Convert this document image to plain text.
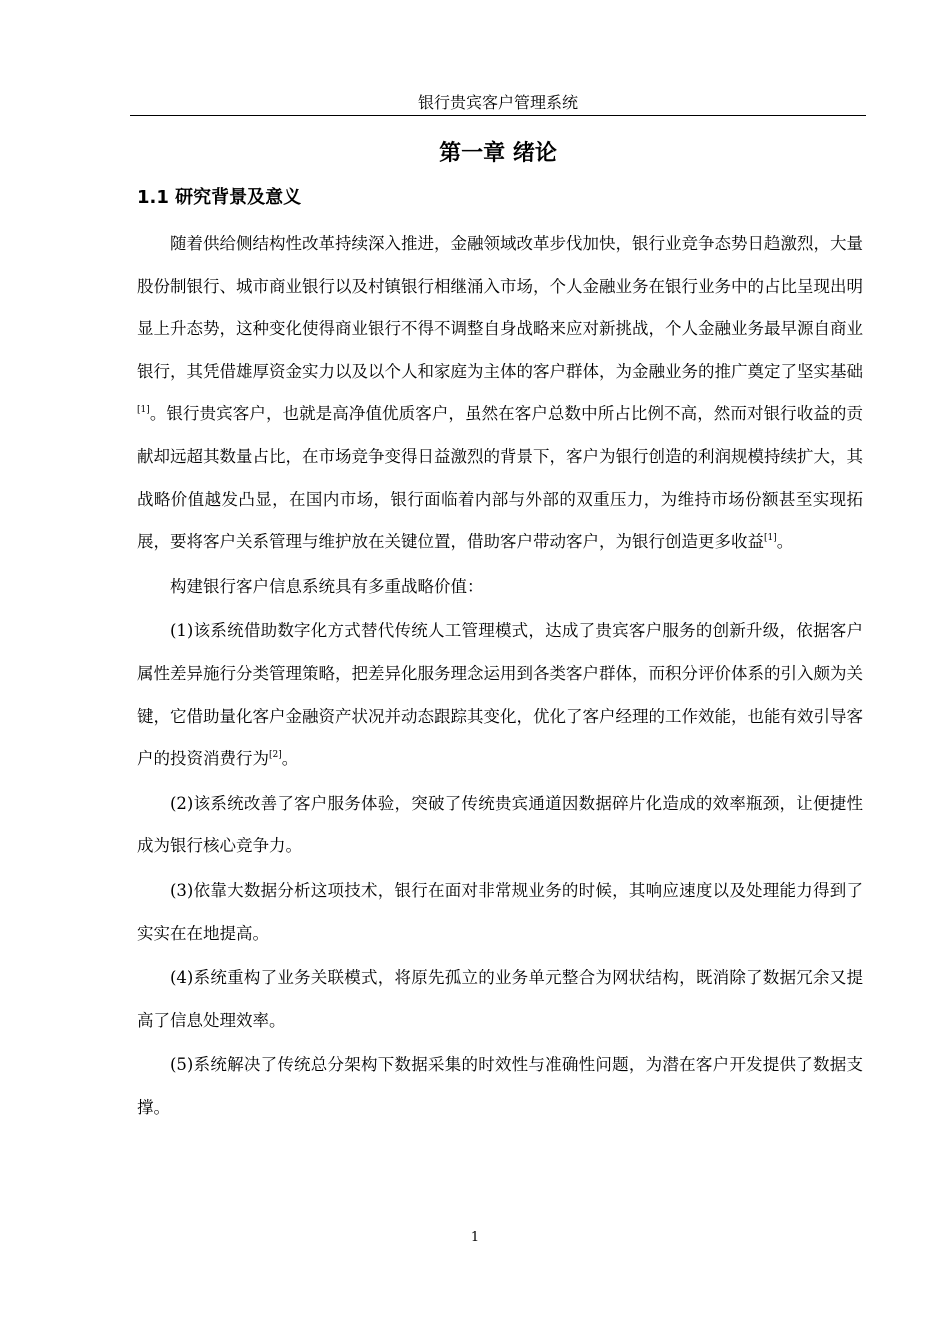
银行贵宾客户管理系统
第一章 绪论
1.1 研究背景及意义

随着供给侧结构性改革持续深入推进，金融领域改革步伐加快，银行业竞争态势日趋激烈，大量股份制银行、城市商业银行以及村镇银行相继涌入市场，个人金融业务在银行业务中的占比呈现出明显上升态势，这种变化使得商业银行不得不调整自身战略来应对新挑战，个人金融业务最早源自商业银行，其凭借雄厚资金实力以及以个人和家庭为主体的客户群体，为金融业务的推广奠定了坚实基础[1]。银行贵宾客户，也就是高净值优质客户，虽然在客户总数中所占比例不高，然而对银行收益的贡献却远超其数量占比，在市场竞争变得日益激烈的背景下，客户为银行创造的利润规模持续扩大，其战略价值越发凸显，在国内市场，银行面临着内部与外部的双重压力，为维持市场份额甚至实现拓展，要将客户关系管理与维护放在关键位置，借助客户带动客户，为银行创造更多收益[1]。

构建银行客户信息系统具有多重战略价值：

(1)该系统借助数字化方式替代传统人工管理模式，达成了贵宾客户服务的创新升级，依据客户属性差异施行分类管理策略，把差异化服务理念运用到各类客户群体，而积分评价体系的引入颇为关键，它借助量化客户金融资产状况并动态跟踪其变化，优化了客户经理的工作效能，也能有效引导客户的投资消费行为[2]。

(2)该系统改善了客户服务体验，突破了传统贵宾通道因数据碎片化造成的效率瓶颈，让便捷性成为银行核心竞争力。

(3)依靠大数据分析这项技术，银行在面对非常规业务的时候，其响应速度以及处理能力得到了实实在在地提高。

(4)系统重构了业务关联模式，将原先孤立的业务单元整合为网状结构，既消除了数据冗余又提高了信息处理效率。

(5)系统解决了传统总分架构下数据采集的时效性与准确性问题，为潜在客户开发提供了数据支撑。

1
